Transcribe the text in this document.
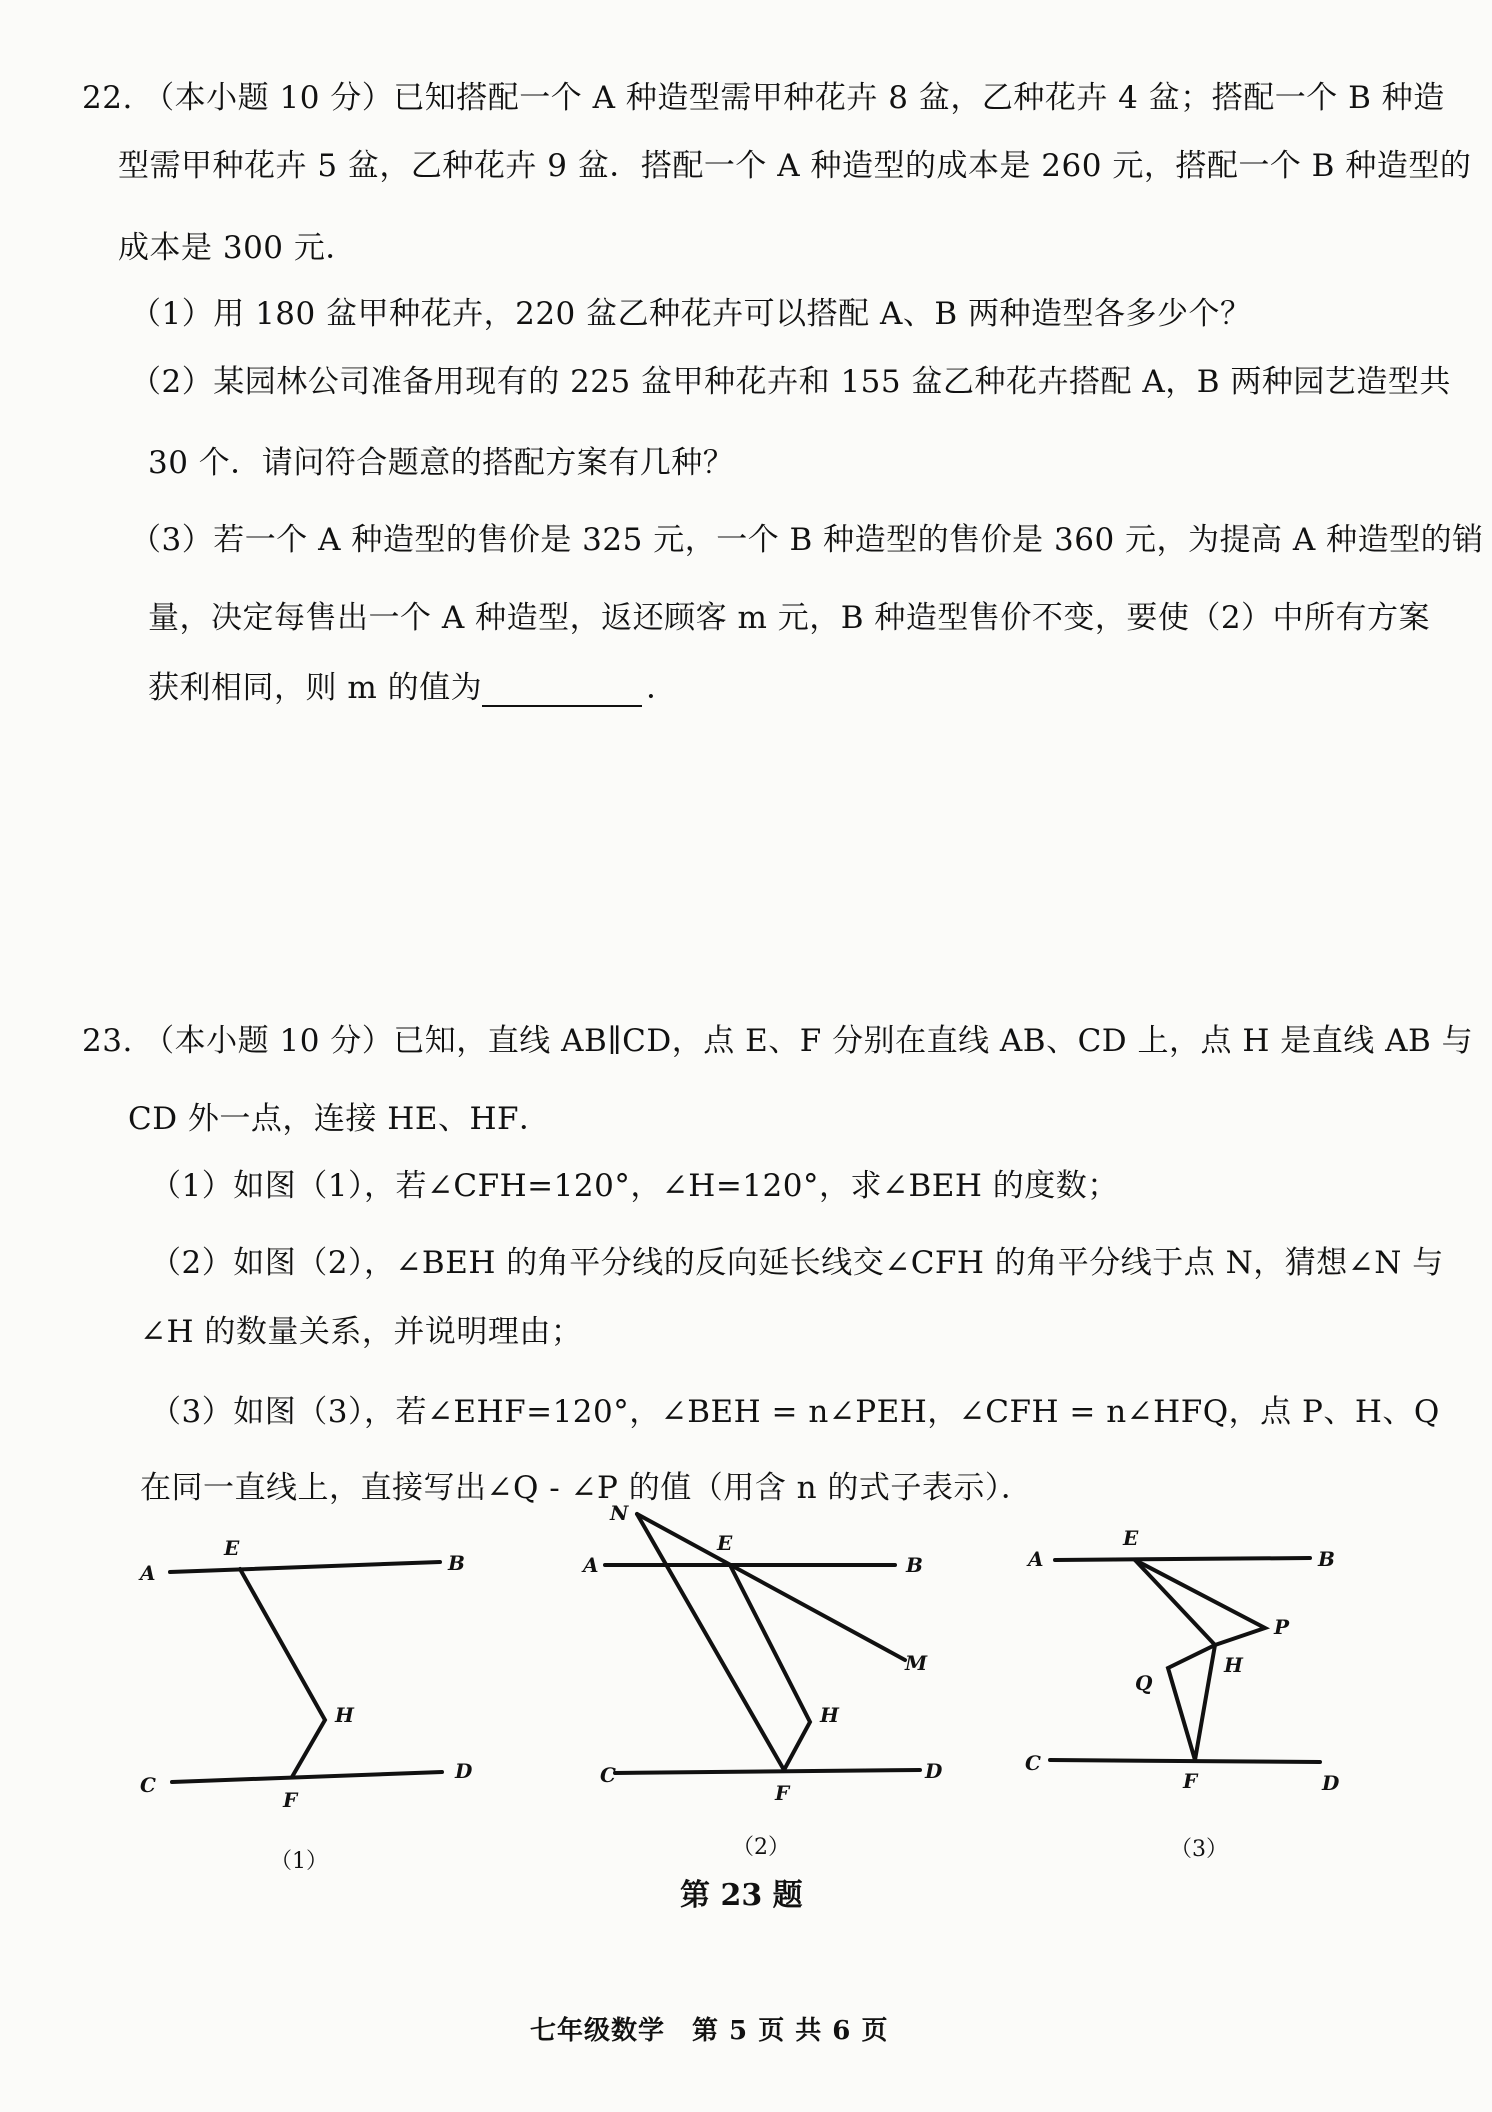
22. （本小题 10 分）已知搭配一个 A 种造型需甲种花卉 8 盆，乙种花卉 4 盆；搭配一个 B 种造
型需甲种花卉 5 盆，乙种花卉 9 盆．搭配一个 A 种造型的成本是 260 元，搭配一个 B 种造型的
成本是 300 元．
（1）用 180 盆甲种花卉，220 盆乙种花卉可以搭配 A、B 两种造型各多少个？
（2）某园林公司准备用现有的 225 盆甲种花卉和 155 盆乙种花卉搭配 A，B 两种园艺造型共
30 个．请问符合题意的搭配方案有几种？
（3）若一个 A 种造型的售价是 325 元，一个 B 种造型的售价是 360 元，为提高 A 种造型的销
量，决定每售出一个 A 种造型，返还顾客 m 元，B 种造型售价不变，要使（2）中所有方案
获利相同，则 m 的值为	．
23. （本小题 10 分）已知，直线 AB∥CD，点 E、F 分别在直线 AB、CD 上，点 H 是直线 AB 与
CD 外一点，连接 HE、HF．
（1）如图（1），若∠CFH=120°，∠H=120°，求∠BEH 的度数；
（2）如图（2），∠BEH 的角平分线的反向延长线交∠CFH 的角平分线于点 N，猜想∠N 与
∠H 的数量关系，并说明理由；
（3）如图（3），若∠EHF=120°，∠BEH = n∠PEH，∠CFH = n∠HFQ，点 P、H、Q
在同一直线上，直接写出∠Q - ∠P 的值（用含 n 的式子表示）．
A
E
B
H
C
F
D
（1）
N
A
E
B
M
H
C
F
D
（2）
A
E
B
P
H
Q
C
F	D
（3）
第 23 题
七年级数学　第 5 页 共 6 页
